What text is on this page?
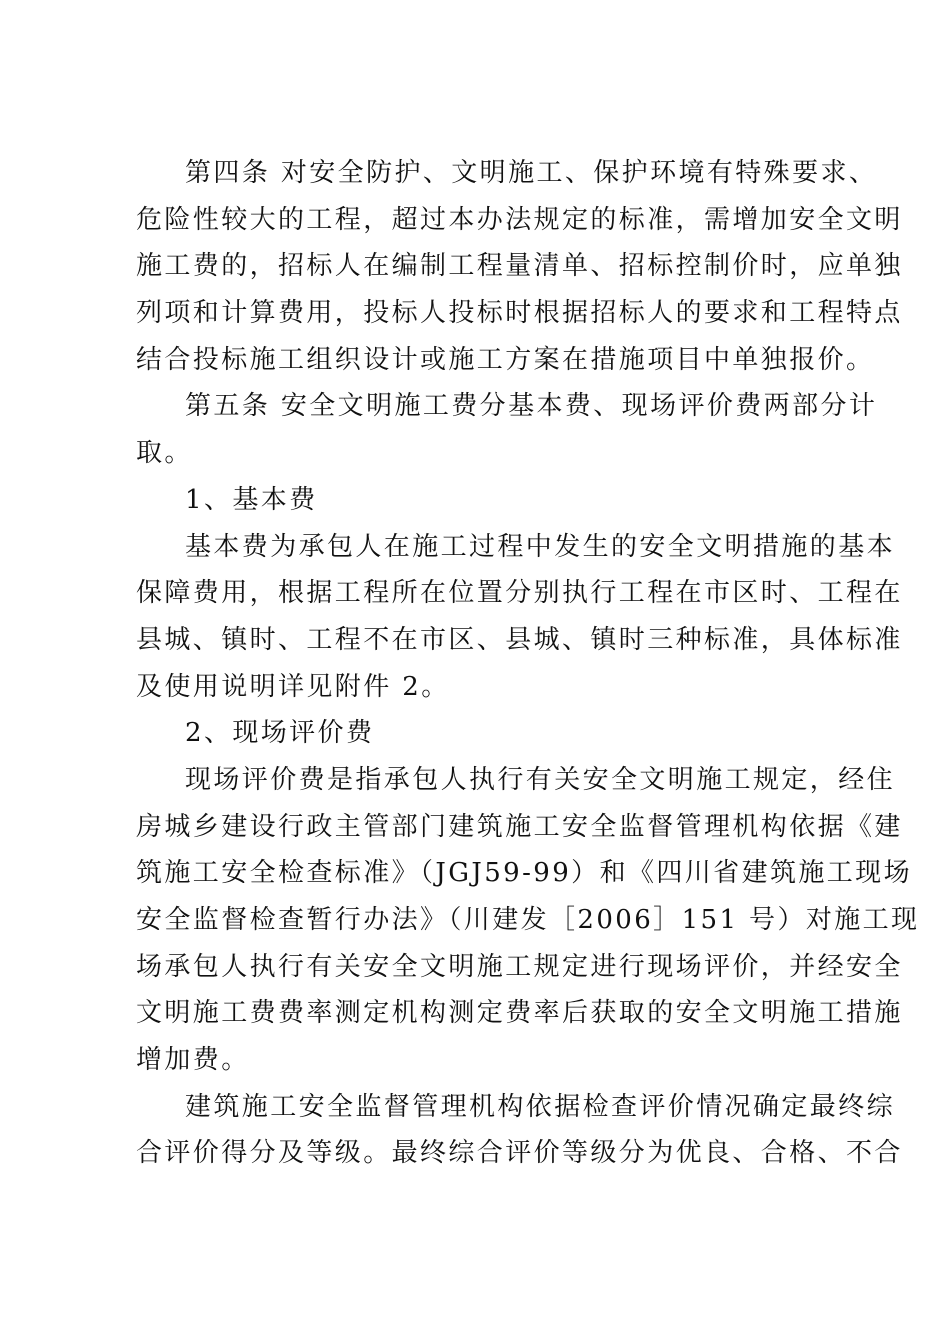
第四条 对安全防护、文明施工、保护环境有特殊要求、
危险性较大的工程，超过本办法规定的标准，需增加安全文明
施工费的，招标人在编制工程量清单、招标控制价时，应单独
列项和计算费用，投标人投标时根据招标人的要求和工程特点
结合投标施工组织设计或施工方案在措施项目中单独报价。
第五条 安全文明施工费分基本费、现场评价费两部分计
取。
1、基本费
基本费为承包人在施工过程中发生的安全文明措施的基本
保障费用，根据工程所在位置分别执行工程在市区时、工程在
县城、镇时、工程不在市区、县城、镇时三种标准，具体标准
及使用说明详见附件 2。
2、现场评价费
现场评价费是指承包人执行有关安全文明施工规定，经住
房城乡建设行政主管部门建筑施工安全监督管理机构依据《建
筑施工安全检查标准》（JGJ59-99）和《四川省建筑施工现场
安全监督检查暂行办法》（川建发［2006］151 号）对施工现
场承包人执行有关安全文明施工规定进行现场评价，并经安全
文明施工费费率测定机构测定费率后获取的安全文明施工措施
增加费。
建筑施工安全监督管理机构依据检查评价情况确定最终综
合评价得分及等级。最终综合评价等级分为优良、合格、不合
